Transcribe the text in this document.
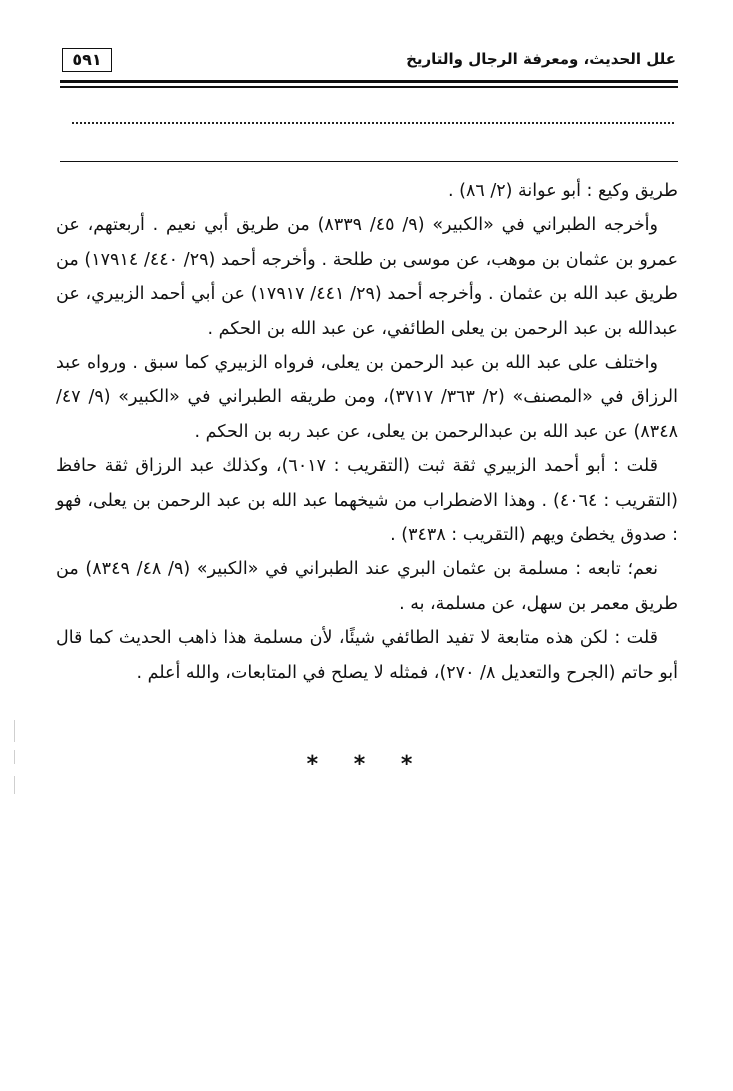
٥٩١	علل الحديث، ومعرفة الرجال والتاريخ

طريق وكيع : أبو عوانة (٢/ ٨٦) .

وأخرجه الطبراني في «الكبير» (٩/ ٤٥/ ٨٣٣٩) من طريق أبي نعيم . أربعتهم، عن عمرو بن عثمان بن موهب، عن موسى بن طلحة . وأخرجه أحمد (٢٩/ ٤٤٠/ ١٧٩١٤) من طريق عبد الله بن عثمان . وأخرجه أحمد (٢٩/ ٤٤١/ ١٧٩١٧) عن أبي أحمد الزبيري، عن عبدالله بن عبد الرحمن بن يعلى الطائفي، عن عبد الله بن الحكم .

واختلف على عبد الله بن عبد الرحمن بن يعلى، فرواه الزبيري كما سبق . ورواه عبد الرزاق في «المصنف» (٢/ ٣٦٣/ ٣٧١٧)، ومن طريقه الطبراني في «الكبير» (٩/ ٤٧/ ٨٣٤٨) عن عبد الله بن عبدالرحمن بن يعلى، عن عبد ربه بن الحكم .

قلت : أبو أحمد الزبيري ثقة ثبت (التقريب : ٦٠١٧)، وكذلك عبد الرزاق ثقة حافظ (التقريب : ٤٠٦٤) . وهذا الاضطراب من شيخهما عبد الله بن عبد الرحمن بن يعلى، فهو : صدوق يخطئ ويهم (التقريب : ٣٤٣٨) .

نعم؛ تابعه : مسلمة بن عثمان البري عند الطبراني في «الكبير» (٩/ ٤٨/ ٨٣٤٩) من طريق معمر بن سهل، عن مسلمة، به .

قلت : لكن هذه متابعة لا تفيد الطائفي شيئًا، لأن مسلمة هذا ذاهب الحديث كما قال أبو حاتم (الجرح والتعديل ٨/ ٢٧٠)، فمثله لا يصلح في المتابعات، والله أعلم .

* * *
